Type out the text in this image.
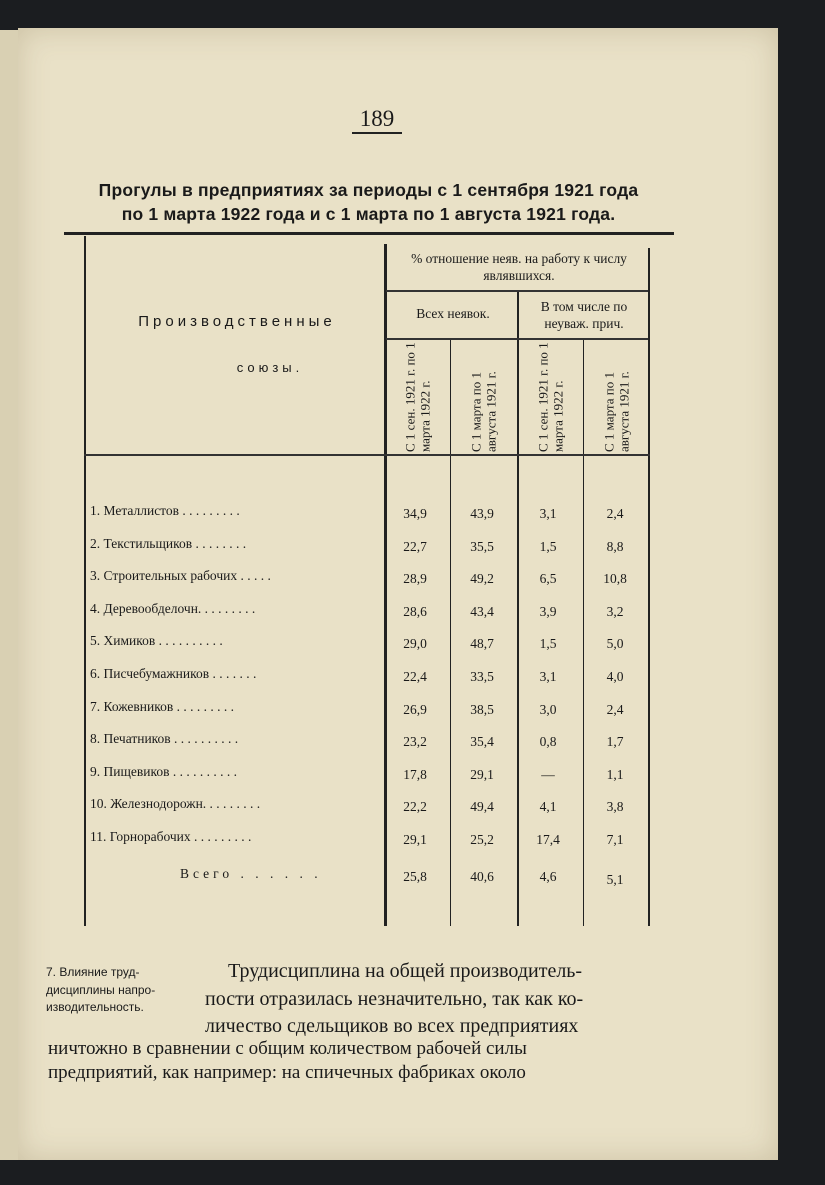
189
Прогулы в предприятиях за периоды с 1 сентября 1921 года
по 1 марта 1922 года и с 1 марта по 1 августа 1921 года.
Производственные
союзы.
% отношение неяв. на работу к числу являвшихся.
Всех неявок.	В том числе по неуваж. прич.
С 1 сен. 1921 г. по 1 марта 1922 г.	С 1 марта по 1 августа 1921 г.	С 1 сен. 1921 г. по 1 марта 1922 г.	С 1 марта по 1 августа 1921 г.
1. Металлистов . . . . . . . . .	34,9	43,9	3,1	2,4
2. Текстильщиков . . . . . . . .	22,7	35,5	1,5	8,8
3. Строительных рабочих . . . . .	28,9	49,2	6,5	10,8
4. Деревообделочн. . . . . . . . .	28,6	43,4	3,9	3,2
5. Химиков . . . . . . . . . .	29,0	48,7	1,5	5,0
6. Писчебумажников . . . . . . .	22,4	33,5	3,1	4,0
7. Кожевников . . . . . . . . .	26,9	38,5	3,0	2,4
8. Печатников . . . . . . . . . .	23,2	35,4	0,8	1,7
9. Пищевиков . . . . . . . . . .	17,8	29,1	—	1,1
10. Железнодорожн. . . . . . . . .	22,2	49,4	4,1	3,8
11. Горнорабочих . . . . . . . . .	29,1	25,2	17,4	7,1
Всего . . . . . .	25,8	40,6	4,6	5,1
7. Влияние труд-
дисциплины напро-
изводительность.
Трудисциплина на общей производитель-
пости отразилась незначительно, так как ко-
личество сдельщиков во всех предприятиях
ничтожно в сравнении с общим количеством рабочей силы
предприятий, как например: на спичечных фабриках около
